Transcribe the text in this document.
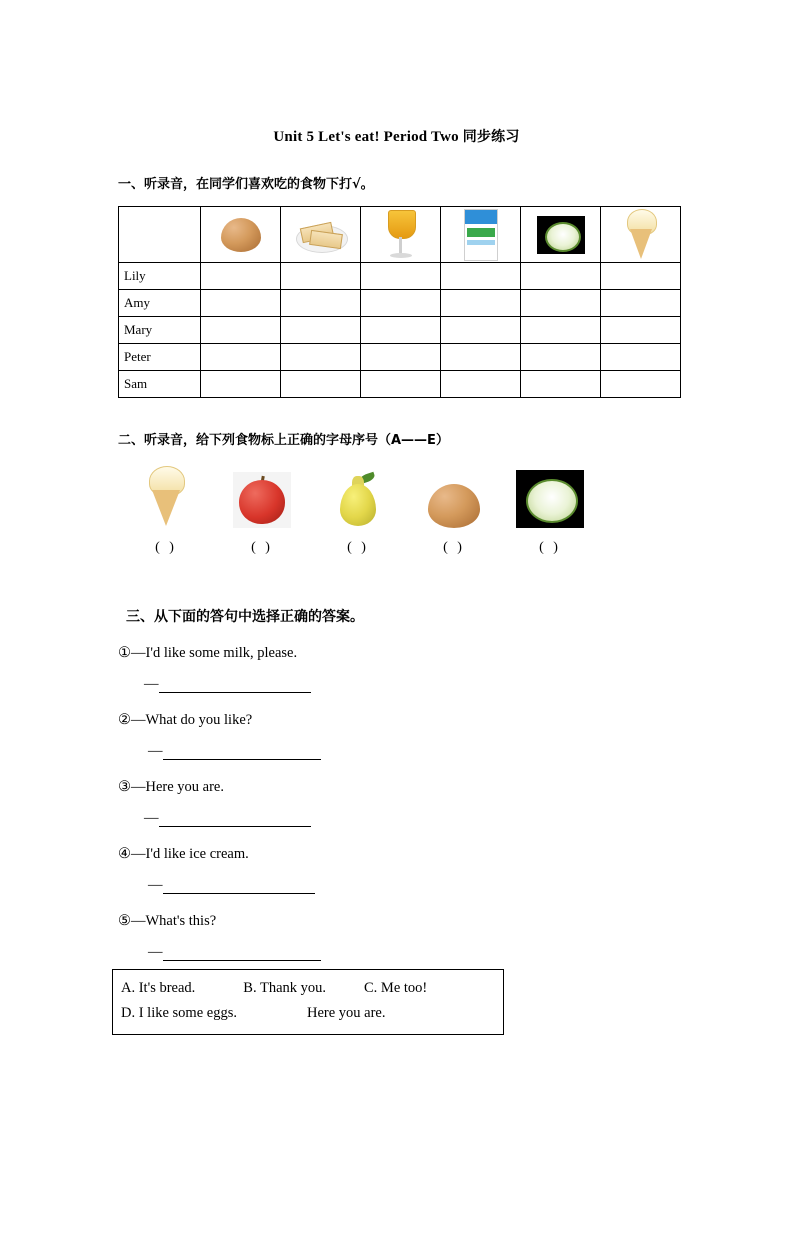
Unit 5 Let's eat! Period Two 同步练习
一、听录音，在同学们喜欢吃的食物下打√。

Lily						
Amy						
Mary						
Peter						
Sam						
二、听录音，给下列食物标上正确的字母序号（A——E）
( )	( )	( )	( )	( )
三、从下面的答句中选择正确的答案。
①—I'd like some milk, please.
—
②—What do you like?
—
③—Here you are.
—
④—I'd like ice cream.
—
⑤—What's this?
—
A. It's bread.	B. Thank you.	C. Me too!
D. I like some eggs.	Here you are.
